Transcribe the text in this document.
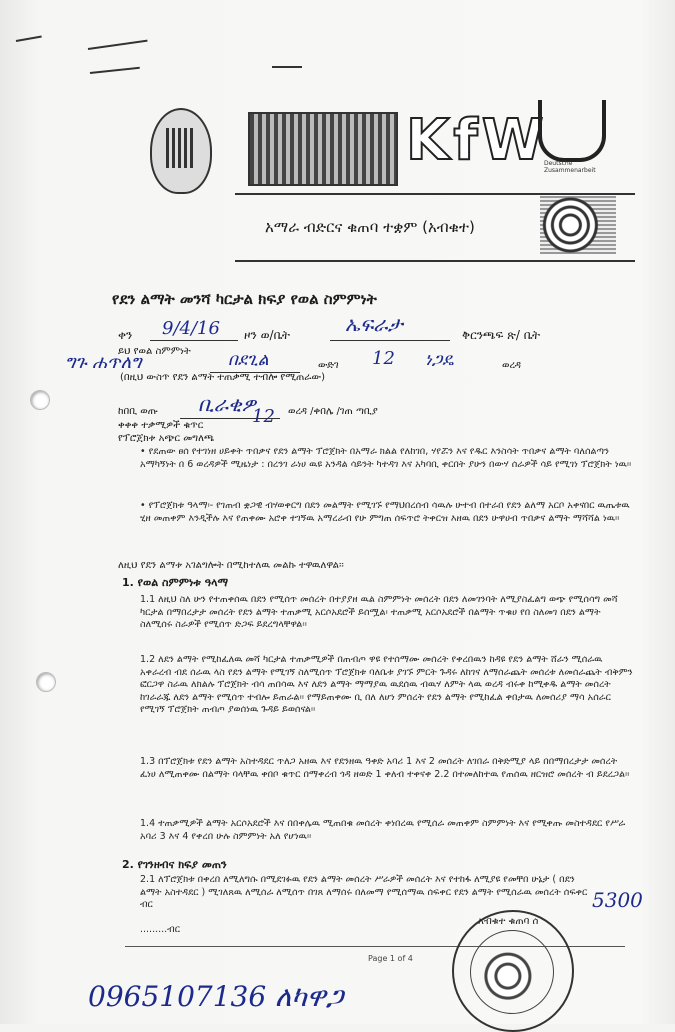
KfW
Deutsche Zusammenarbeit
አማራ ብድርና ቁጠባ ተቋም (አብቁተ)
የደን ልማት መንሻ ካርታል ክፍያ የወል ስምምነት
ቀን 9/4/16 ዞን ወ/ቤት	ኤፍራታ	ቅርንጫፍ ጽ/ ቤት
ይህ የወል ስምምነት
ግጉ ሐጥለግ	በደጊል	ውድገ 12 ነጋዴ	ወረዳ
(በዚህ ውስጥ የደን ልማት ተጠቃሚ ተብሎ የሚጠራው)
ከበቢ ወጡ ቢራቂዎ	ወረዳ /ቀበሌ /ገጠ ጣቢያ
ቀቀቀ ተቃሚዎች ቁጥር	12
የፕሮጀክቱ አጭር መግለጫ
• የደጠው ፀሰ የተገነዘ ሀይቀት ጥበቃና የደን ልማት ፕሮጀክት በአማራ ክልል የለከገበ, ሃየሯን እና የዱር እንስሳት ጥበቃና ልማት ባለሰልጣን አማካኝነት በ 6 ወረዳዎች ሚዜነታ : በረንገ ራነሀ ዉዩ አንዳል ሳይንት ካተዳገ እና አካባቢ ቀርበት ያሁን በውሃ ሰራዎች ሳይ የሚገነ ፕሮጀክት ነዉ፡፡
• የፕሮጀክቱ ዓላማ፡- የገጠብ ቋጋዊ ብሃወቀርግ በደን መልማት የሚገኙ የማህበረሰብ ሳዉሉ ሁተብ በተራበ የደን ልለማ አርቦ አቀናበር ዉጤቱዉ ሂዘ መጠቀም እንዲችሉ እና የጠቀሙ አሮቀ ተገኝዉ አማረራብ የሁ ምግጠ ሰፍጥሮ ትቀርዝ እዘዉ በደን ሁዋሀብ ጥበቃና ልማት ማሻሻል ነዉ፡፡
ለዚህ የደን ልማቱ አገልግሎት በሚከተለዉ መልኩ ተዋዉለዋል፡፡
1. የወል ስምምነቱ ዓላማ
1.1 ለዚህ ስለ ሁን የተጠቀሰዉ በደን የሚሰጥ መሰረት በተያያዘ ዉል ስምምነት መሰረት በደን ለመገንባት ለሚያስፈልግ ወጭ የሚሰሳግ መሻ ካርታል በማበረታታ መሰረት የደን ልማት ተጠቃሚ አርሶአደሮች ይሰሟል፡ ተጠቃሚ አርሶአደሮች በልማት ጥቁሀ የበ ስለመገ በደን ልማት ስለሚሰሩ ስራዎች የሚሰጥ ድጋፍ ይደረግላቸዋል፡፡
1.2 ለደን ልማት የሚከፈለዉ መሻ ካርታል ተጠቃሚዎች በጠብጦ ዋዩ የተሰማሙ መሰረት የቀረበዉን ከዳዩ የደን ልማት ሸራን ሚሰራዉ አቀራረብ ብደ ሰራዉ ላስ የደን ልማት የሚገኝ ስለሚሰጥ ፕሮጀክቱ ባለቤቱ ያገኙ ምርት ጉዳሩ ለከገና ለማሰራጨት መሰረቱ ለመሰራጨት ብቅምን ፎርጋዋ ስራዉ ለክልሉ ፕሮጀክት ብሳ ጠበሳዉ እና ለደን ልማት ማማያዉ ዉደሰዉ ብዉሃ ለምት ላዉ ወረዳ ብሩቀ ከሚቀዱ ልማት መሰረት ከገራራጁ ለደን ልማት የሚሰጥ ተብሎ ይጠራል፡፡ የማይጠቀሙ ቢ በለ ለሆነ ምሰረት የደን ልማት የሚከፈል ቀበታዉ ለመሰሪያ ማሳ አሰራር የሚገኝ ፕሮጀክት ጠብጦ ያወሰነዉ ጉዳይ ይወሰናል፡፡
1.3 በፕሮጀክቱ የደን ልማት አስተዳደር ጥለጋ አዘዉ እና የደንዘዉ ዓቀድ አባሪ 1 እና 2 መሰረት ለገበራ በቅድሚያ ላይ በበማበረታታ መሰረት ፈነሀ ለሚጠቀሙ በልማት ባላቸዉ ቀበቦ ቁጥር በማቀረብ ጎዳ ዘወድ 1 ቀለብ ተቀናቀ 2.2 በተመለከተዉ የጠሰዉ ዘርዝሮ መሰረት ብ ይደረጋል፡፡
1.4 ተጠቃሚዎች ልማት አርሶአደሮች እና በበቀሌዉ ሚጠበቁ መሰረት ቀነበረዉ የሚሰራ መጠቀም ስምምነት እና የሚቀጡ መስተዳደር የሥራ አባሪ 3 እና 4 የቀረበ ሁሉ ስምምነት አለ የሆነዉ፡፡
2. የገንዘብና ክፍያ መጠን
2.1 ለፕሮጀክቱ በቀረበ ለሚለግሱ በሚደገፉዉ የደን ልማት መሰረት ሥራዎች መሰረት እና የተከፋ ለሚያዩ የመቸበ ሁኔታ ( በደን ልማት አስተዳደር ) ሚገለጸዉ ለሚሰራ ለሚሰጥ በገጸ ለማሰሩ በለመማ የሚሰማዉ ሰፍቀር የደን ልማት የሚሰራዉ መሰረት ሰፍቀር ብር	5300
.........ብር
Page 1 of 4
አብቁተ ቁጠባ ሰ
0965107136 ለካዋጋ
